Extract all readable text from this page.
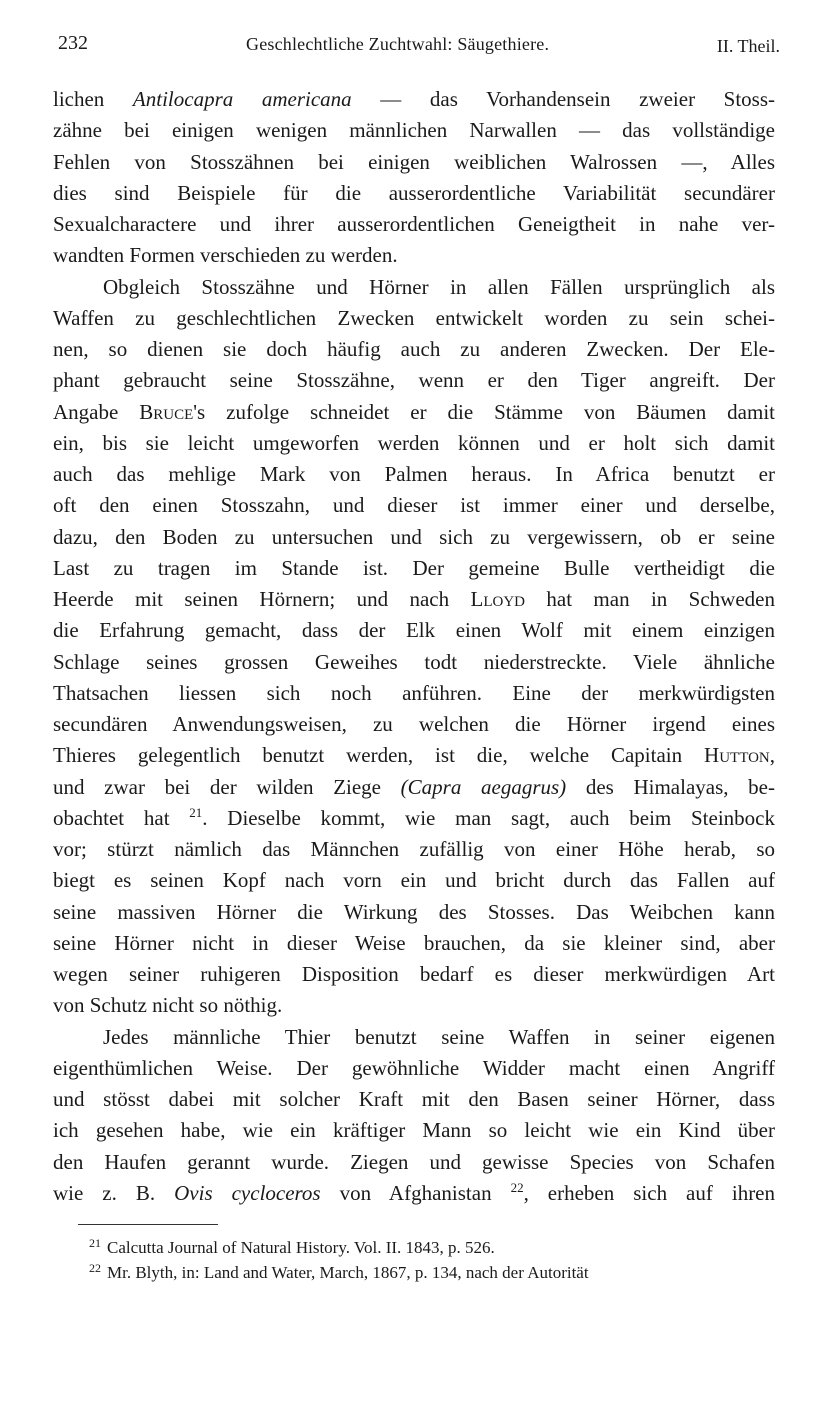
232	Geschlechtliche Zuchtwahl: Säugethiere.	II. Theil.
lichen Antilocapra americana — das Vorhandensein zweier Stoss-
zähne bei einigen wenigen männlichen Narwallen — das vollständige
Fehlen von Stosszähnen bei einigen weiblichen Walrossen —, Alles
dies sind Beispiele für die ausserordentliche Variabilität secundärer
Sexualcharactere und ihrer ausserordentlichen Geneigtheit in nahe ver-
wandten Formen verschieden zu werden.
Obgleich Stosszähne und Hörner in allen Fällen ursprünglich als
Waffen zu geschlechtlichen Zwecken entwickelt worden zu sein schei-
nen, so dienen sie doch häufig auch zu anderen Zwecken. Der Ele-
phant gebraucht seine Stosszähne, wenn er den Tiger angreift. Der
Angabe Bruce's zufolge schneidet er die Stämme von Bäumen damit
ein, bis sie leicht umgeworfen werden können und er holt sich damit
auch das mehlige Mark von Palmen heraus. In Africa benutzt er
oft den einen Stosszahn, und dieser ist immer einer und derselbe,
dazu, den Boden zu untersuchen und sich zu vergewissern, ob er seine
Last zu tragen im Stande ist. Der gemeine Bulle vertheidigt die
Heerde mit seinen Hörnern; und nach Lloyd hat man in Schweden
die Erfahrung gemacht, dass der Elk einen Wolf mit einem einzigen
Schlage seines grossen Geweihes todt niederstreckte. Viele ähnliche
Thatsachen liessen sich noch anführen. Eine der merkwürdigsten
secundären Anwendungsweisen, zu welchen die Hörner irgend eines
Thieres gelegentlich benutzt werden, ist die, welche Capitain Hutton,
und zwar bei der wilden Ziege (Capra aegagrus) des Himalayas, be-
obachtet hat $^{21}$. Dieselbe kommt, wie man sagt, auch beim Steinbock
vor; stürzt nämlich das Männchen zufällig von einer Höhe herab, so
biegt es seinen Kopf nach vorn ein und bricht durch das Fallen auf
seine massiven Hörner die Wirkung des Stosses. Das Weibchen kann
seine Hörner nicht in dieser Weise brauchen, da sie kleiner sind, aber
wegen seiner ruhigeren Disposition bedarf es dieser merkwürdigen Art
von Schutz nicht so nöthig.
Jedes männliche Thier benutzt seine Waffen in seiner eigenen
eigenthümlichen Weise. Der gewöhnliche Widder macht einen Angriff
und stösst dabei mit solcher Kraft mit den Basen seiner Hörner, dass
ich gesehen habe, wie ein kräftiger Mann so leicht wie ein Kind über
den Haufen gerannt wurde. Ziegen und gewisse Species von Schafen
wie z. B. Ovis cycloceros von Afghanistan $^{22}$, erheben sich auf ihren
$^{21}$ Calcutta Journal of Natural History. Vol. II. 1843, p. 526.
$^{22}$ Mr. Blyth, in: Land and Water, March, 1867, p. 134, nach der Autorität
